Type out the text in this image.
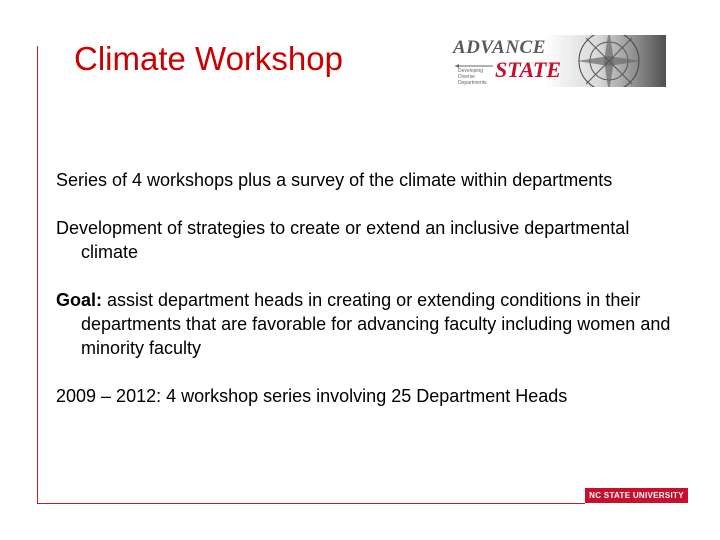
Climate Workshop	ADVANCE
STATE
Developing Diverse Departments

Series of 4 workshops plus a survey of the climate within departments

Development of strategies to create or extend an inclusive departmental climate

Goal: assist department heads in creating or extending conditions in their departments that are favorable for advancing faculty including women and minority faculty

2009 – 2012: 4 workshop series involving 25 Department Heads

NC STATE UNIVERSITY
